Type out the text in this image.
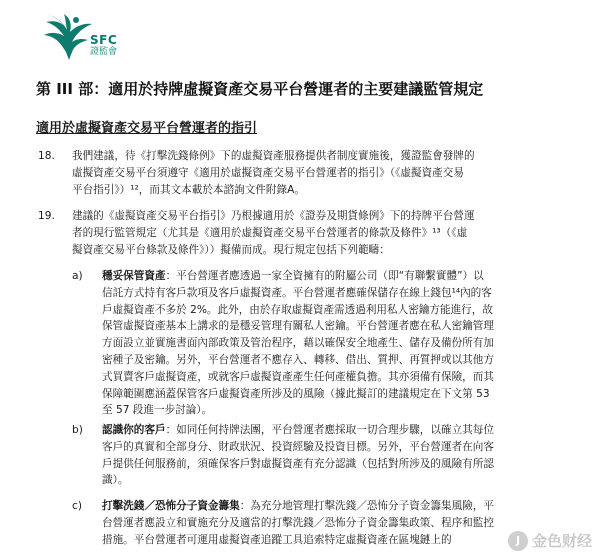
SFC
證監會
第 III 部：適用於持牌虛擬資產交易平台營運者的主要建議監管規定
適用於虛擬資產交易平台營運者的指引
18. 我們建議，待《打擊洗錢條例》下的虛擬資產服務提供者制度實施後，獲證監會發牌的
虛擬資產交易平台須遵守《適用於虛擬資產交易平台營運者的指引》（《虛擬資產交易
平台指引》）¹²，而其文本載於本諮詢文件附錄A。
19. 建議的《虛擬資產交易平台指引》乃根據適用於《證券及期貨條例》下的持牌平台營運
者的現行監管規定（尤其是《適用於虛擬資產交易平台營運者的條款及條件》¹³（《虛
擬資產交易平台條款及條件》））擬備而成。現行規定包括下列範疇：
a) 穩妥保管資產：平台營運者應透過一家全資擁有的附屬公司（即“有聯繫實體”）以
信託方式持有客戶款項及客戶虛擬資產。平台營運者應確保儲存在線上錢包¹⁴內的客
戶虛擬資產不多於 2%。此外，由於存取虛擬資產需透過利用私人密鑰方能進行，故
保管虛擬資產基本上講求的是穩妥管理有關私人密鑰。平台營運者應在私人密鑰管理
方面設立並實施書面內部政策及管治程序，藉以確保安全地產生、儲存及備份所有加
密種子及密鑰。另外，平台營運者不應存入、轉移、借出、質押、再質押或以其他方
式買賣客戶虛擬資產，或就客戶虛擬資產產生任何產權負擔。其亦須備有保險，而其
保障範圍應涵蓋保管客戶虛擬資產所涉及的風險（據此擬訂的建議規定在下文第 53
至 57 段進一步討論）。
b) 認識你的客戶：如同任何持牌法團，平台營運者應採取一切合理步驟，以確立其每位
客戶的真實和全部身分、財政狀況、投資經驗及投資目標。另外，平台營運者在向客
戶提供任何服務前，須確保客戶對虛擬資產有充分認識（包括對所涉及的風險有所認
識）。
c) 打擊洗錢／恐怖分子資金籌集：為充分地管理打擊洗錢／恐怖分子資金籌集風險，平
台營運者應設立和實施充分及適當的打擊洗錢／恐怖分子資金籌集政策、程序和監控
措施。平台營運者可運用虛擬資產追蹤工具追索特定虛擬資產在區塊鏈上的	J 金色财经
